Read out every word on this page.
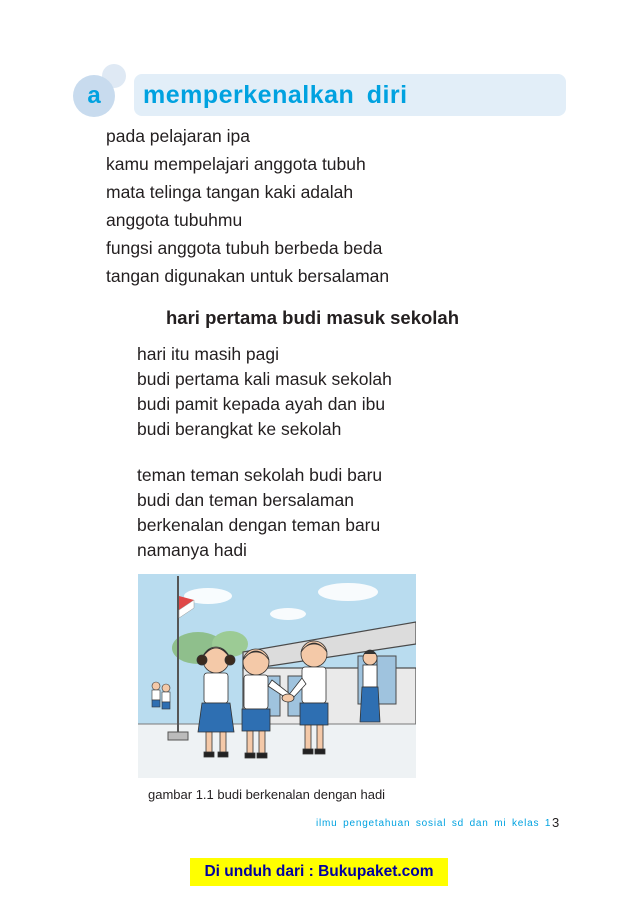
a	memperkenalkan diri
pada pelajaran ipa
kamu mempelajari anggota tubuh
mata telinga tangan kaki adalah
anggota tubuhmu
fungsi anggota tubuh berbeda beda
tangan digunakan untuk bersalaman
hari pertama budi masuk sekolah
hari itu masih pagi
budi pertama kali masuk sekolah
budi pamit kepada ayah dan ibu
budi berangkat ke sekolah
teman teman sekolah budi baru
budi dan teman bersalaman
berkenalan dengan teman baru
namanya hadi
gambar 1.1 budi berkenalan dengan hadi
ilmu pengetahuan sosial sd dan mi kelas 1 3
Di unduh dari : Bukupaket.com
